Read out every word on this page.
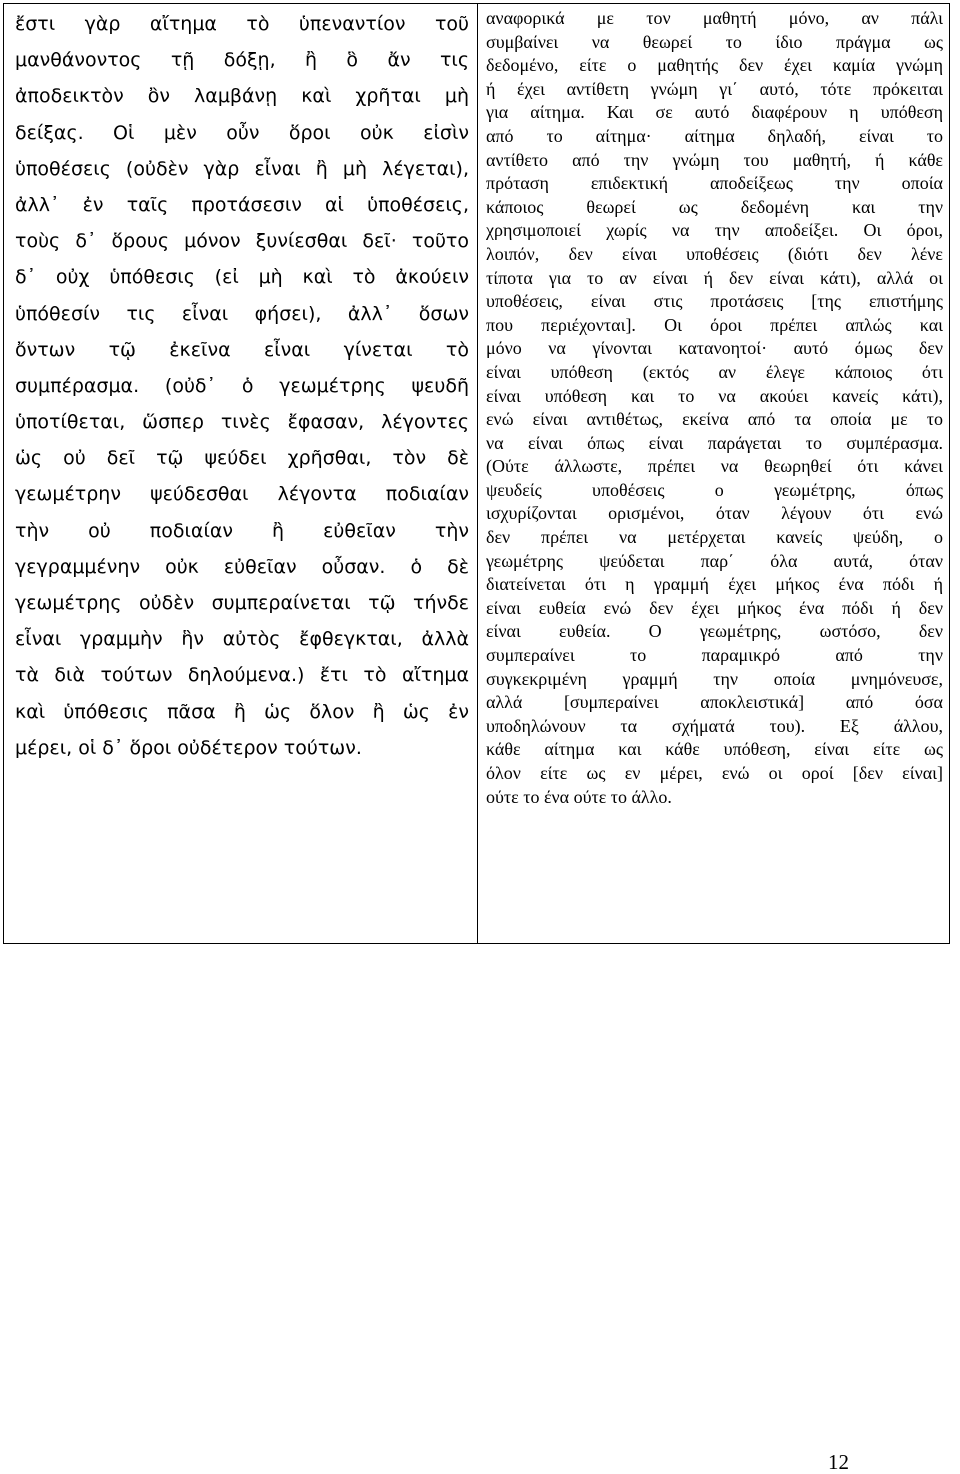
ἔστι γὰρ αἴτημα τὸ ὑπεναντίον τοῦ
μανθάνοντος τῇ δόξῃ, ἢ ὃ ἄν τις
ἀποδεικτὸν ὂν λαμβάνῃ καὶ χρῆται μὴ
δείξας. Οἱ μὲν οὖν ὅροι οὐκ εἰσὶν
ὑποθέσεις (οὐδὲν γὰρ εἶναι ἢ μὴ λέγεται),
ἀλλ᾽ ἐν ταῖς προτάσεσιν αἱ ὑποθέσεις,
τοὺς δ᾽ ὅρους μόνον ξυνίεσθαι δεῖ· τοῦτο
δ᾽ οὐχ ὑπόθεσις (εἰ μὴ καὶ τὸ ἀκούειν
ὑπόθεσίν τις εἶναι φήσει), ἀλλ᾽ ὅσων
ὄντων τῷ ἐκεῖνα εἶναι γίνεται τὸ
συμπέρασμα. (οὐδ᾽ ὁ γεωμέτρης ψευδῆ
ὑποτίθεται, ὥσπερ τινὲς ἔφασαν, λέγοντες
ὡς οὐ δεῖ τῷ ψεύδει χρῆσθαι, τὸν δὲ
γεωμέτρην ψεύδεσθαι λέγοντα ποδιαίαν
τὴν οὐ ποδιαίαν ἢ εὐθεῖαν τὴν
γεγραμμένην οὐκ εὐθεῖαν οὖσαν. ὁ δὲ
γεωμέτρης οὐδὲν συμπεραίνεται τῷ τήνδε
εἶναι γραμμὴν ἣν αὐτὸς ἔφθεγκται, ἀλλὰ
τὰ διὰ τούτων δηλούμενα.) ἔτι τὸ αἴτημα
καὶ ὑπόθεσις πᾶσα ἢ ὡς ὅλον ἢ ὡς ἐν
μέρει, οἱ δ᾽ ὅροι οὐδέτερον τούτων.
αναφορικά με τον μαθητή μόνο, αν πάλι
συμβαίνει να θεωρεί το ίδιο πράγμα ως
δεδομένο, είτε ο μαθητής δεν έχει καμία γνώμη
ή έχει αντίθετη γνώμη γι΄ αυτό, τότε πρόκειται
για αίτημα. Και σε αυτό διαφέρουν η υπόθεση
από το αίτημα· αίτημα δηλαδή, είναι το
αντίθετο από την γνώμη του μαθητή, ή κάθε
πρόταση επιδεκτική αποδείξεως την οποία
κάποιος θεωρεί ως δεδομένη και την
χρησιμοποιεί χωρίς να την αποδείξει. Οι όροι,
λοιπόν, δεν είναι υποθέσεις (διότι δεν λένε
τίποτα για το αν είναι ή δεν είναι κάτι), αλλά οι
υποθέσεις, είναι στις προτάσεις [της επιστήμης
που περιέχονται]. Οι όροι πρέπει απλώς και
μόνο να γίνονται κατανοητοί· αυτό όμως δεν
είναι υπόθεση (εκτός αν έλεγε κάποιος ότι
είναι υπόθεση και το να ακούει κανείς κάτι),
ενώ είναι αντιθέτως, εκείνα από τα οποία με το
να είναι όπως είναι παράγεται το συμπέρασμα.
(Ούτε άλλωστε, πρέπει να θεωρηθεί ότι κάνει
ψευδείς υποθέσεις ο γεωμέτρης, όπως
ισχυρίζονται ορισμένοι, όταν λέγουν ότι ενώ
δεν πρέπει να μετέρχεται κανείς ψεύδη, ο
γεωμέτρης ψεύδεται παρ΄ όλα αυτά, όταν
διατείνεται ότι η γραμμή έχει μήκος ένα πόδι ή
είναι ευθεία ενώ δεν έχει μήκος ένα πόδι ή δεν
είναι ευθεία. Ο γεωμέτρης, ωστόσο, δεν
συμπεραίνει το παραμικρό από την
συγκεκριμένη γραμμή την οποία μνημόνευσε,
αλλά [συμπεραίνει αποκλειστικά] από όσα
υποδηλώνουν τα σχήματά του). Εξ άλλου,
κάθε αίτημα και κάθε υπόθεση, είναι είτε ως
όλον είτε ως εν μέρει, ενώ οι οροί [δεν είναι]
ούτε το ένα ούτε το άλλο.
12
